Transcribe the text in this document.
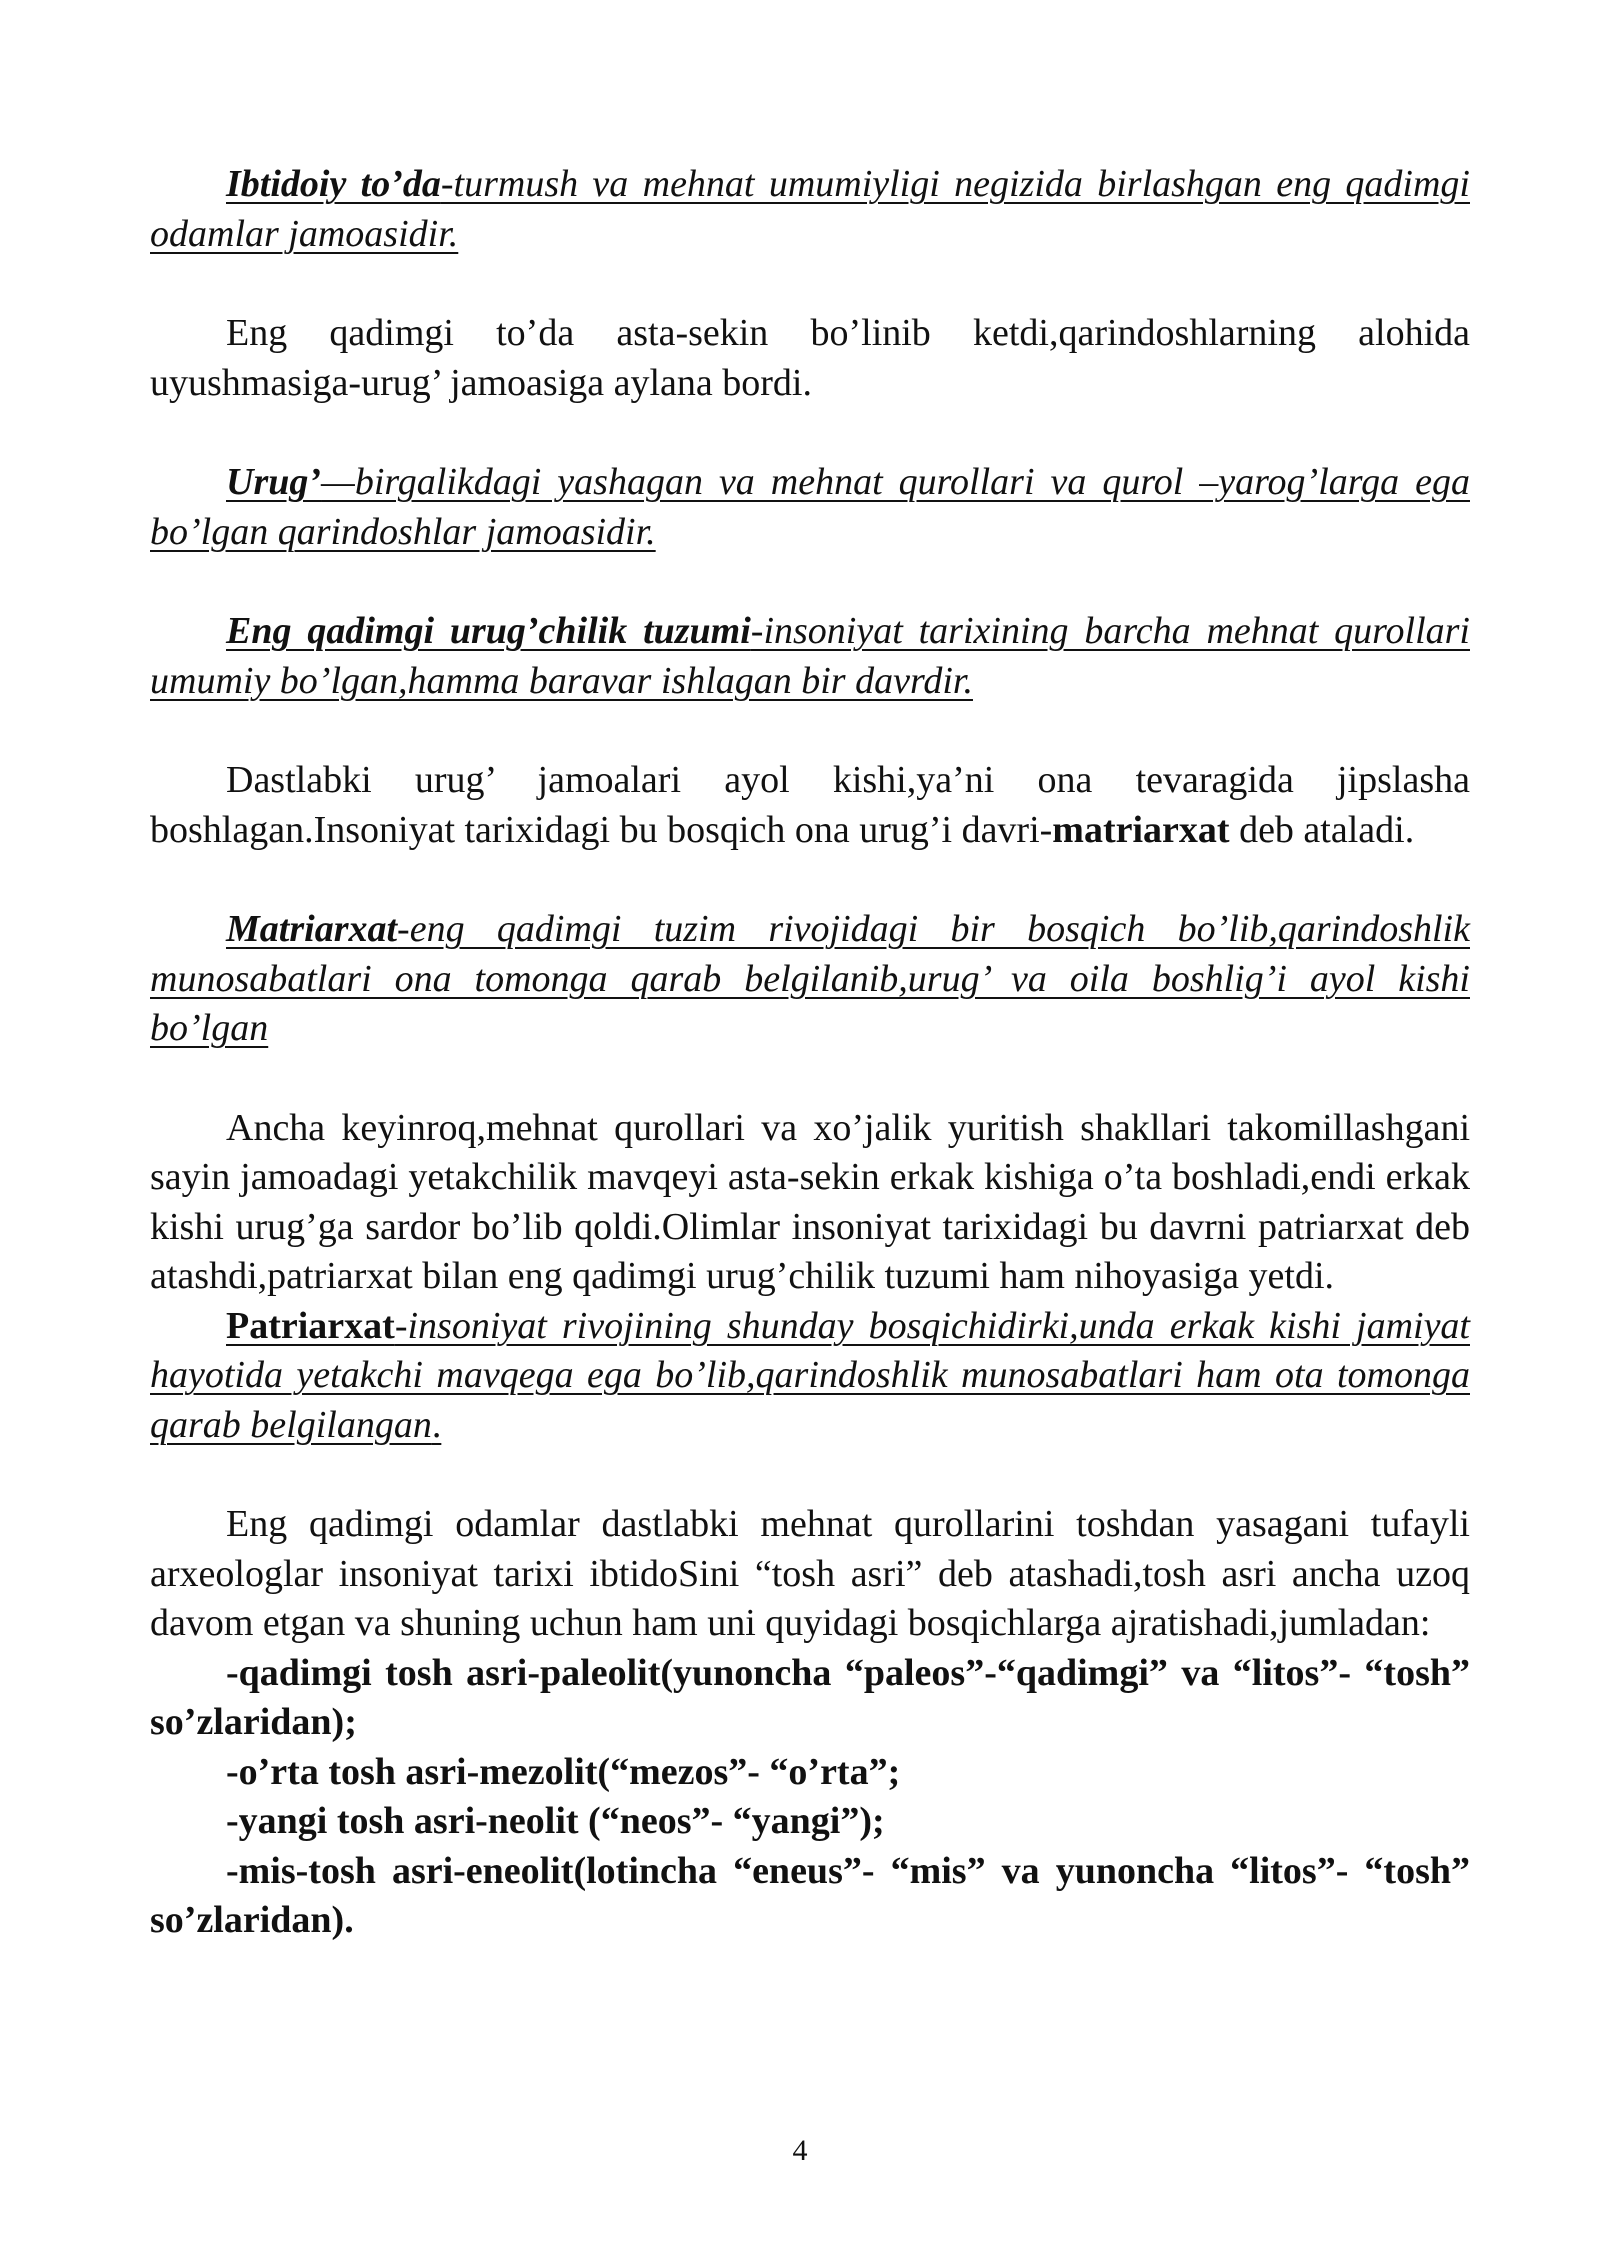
Ibtidoiy to’da-turmush va mehnat umumiyligi negizida birlashgan eng qadimgi odamlar jamoasidir.

Eng qadimgi to’da asta-sekin bo’linib ketdi,qarindoshlarning alohida uyushmasiga-urug’ jamoasiga aylana bordi.

Urug’—birgalikdagi yashagan va mehnat qurollari va qurol –yarog’larga ega bo’lgan qarindoshlar jamoasidir.

Eng qadimgi urug’chilik tuzumi-insoniyat tarixining barcha mehnat qurollari umumiy bo’lgan,hamma baravar ishlagan bir davrdir.

Dastlabki urug’ jamoalari ayol kishi,ya’ni ona tevaragida jipslasha boshlagan.Insoniyat tarixidagi bu bosqich ona urug’i davri-matriarxat deb ataladi.

Matriarxat-eng qadimgi tuzim rivojidagi bir bosqich bo’lib,qarindoshlik munosabatlari ona tomonga qarab belgilanib,urug’ va oila boshlig’i ayol kishi bo’lgan

Ancha keyinroq,mehnat qurollari va xo’jalik yuritish shakllari takomillashgani sayin jamoadagi yetakchilik mavqeyi asta-sekin erkak kishiga o’ta boshladi,endi erkak kishi urug’ga sardor bo’lib qoldi.Olimlar insoniyat tarixidagi bu davrni patriarxat deb atashdi,patriarxat bilan eng qadimgi urug’chilik tuzumi ham nihoyasiga yetdi.

Patriarxat-insoniyat rivojining shunday bosqichidirki,unda erkak kishi jamiyat hayotida yetakchi mavqega ega bo’lib,qarindoshlik munosabatlari ham ota tomonga qarab belgilangan.

Eng qadimgi odamlar dastlabki mehnat qurollarini toshdan yasagani tufayli arxeologlar insoniyat tarixi ibtidoSini “tosh asri” deb atashadi,tosh asri ancha uzoq davom etgan va shuning uchun ham uni quyidagi bosqichlarga ajratishadi,jumladan:

-qadimgi tosh asri-paleolit(yunoncha “paleos”-“qadimgi” va “litos”- “tosh” so’zlaridan);

-o’rta tosh asri-mezolit(“mezos”- “o’rta”;

-yangi tosh asri-neolit (“neos”- “yangi”);

-mis-tosh asri-eneolit(lotincha “eneus”- “mis” va yunoncha “litos”- “tosh” so’zlaridan).

4
